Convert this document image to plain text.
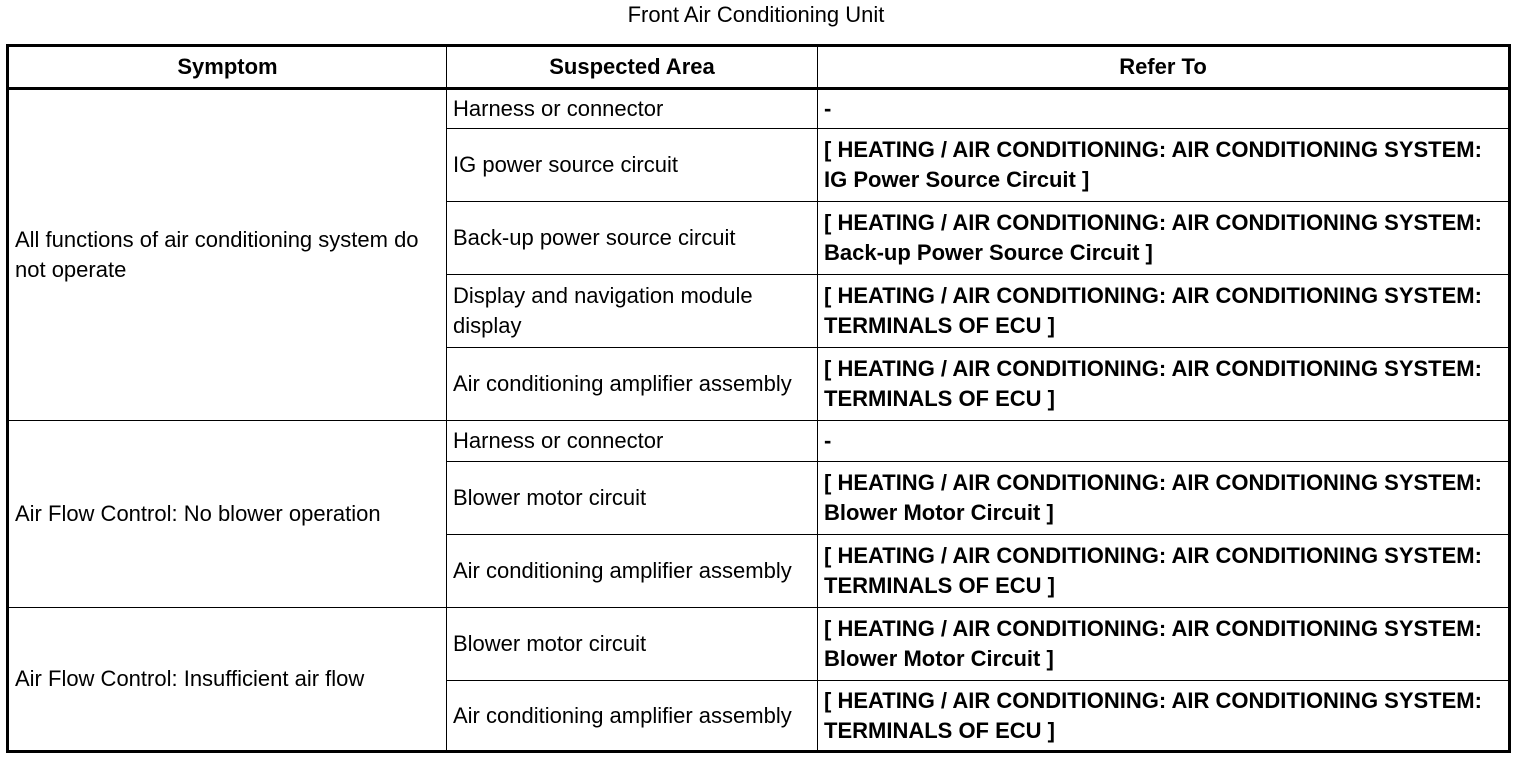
Front Air Conditioning Unit
Symptom	Suspected Area	Refer To
All functions of air conditioning system do not operate	Harness or connector	-
	IG power source circuit	[ HEATING / AIR CONDITIONING: AIR CONDITIONING SYSTEM: IG Power Source Circuit ]
	Back-up power source circuit	[ HEATING / AIR CONDITIONING: AIR CONDITIONING SYSTEM: Back-up Power Source Circuit ]
	Display and navigation module display	[ HEATING / AIR CONDITIONING: AIR CONDITIONING SYSTEM: TERMINALS OF ECU ]
	Air conditioning amplifier assembly	[ HEATING / AIR CONDITIONING: AIR CONDITIONING SYSTEM: TERMINALS OF ECU ]
Air Flow Control: No blower operation	Harness or connector	-
	Blower motor circuit	[ HEATING / AIR CONDITIONING: AIR CONDITIONING SYSTEM: Blower Motor Circuit ]
	Air conditioning amplifier assembly	[ HEATING / AIR CONDITIONING: AIR CONDITIONING SYSTEM: TERMINALS OF ECU ]
Air Flow Control: Insufficient air flow	Blower motor circuit	[ HEATING / AIR CONDITIONING: AIR CONDITIONING SYSTEM: Blower Motor Circuit ]
	Air conditioning amplifier assembly	[ HEATING / AIR CONDITIONING: AIR CONDITIONING SYSTEM: TERMINALS OF ECU ]
